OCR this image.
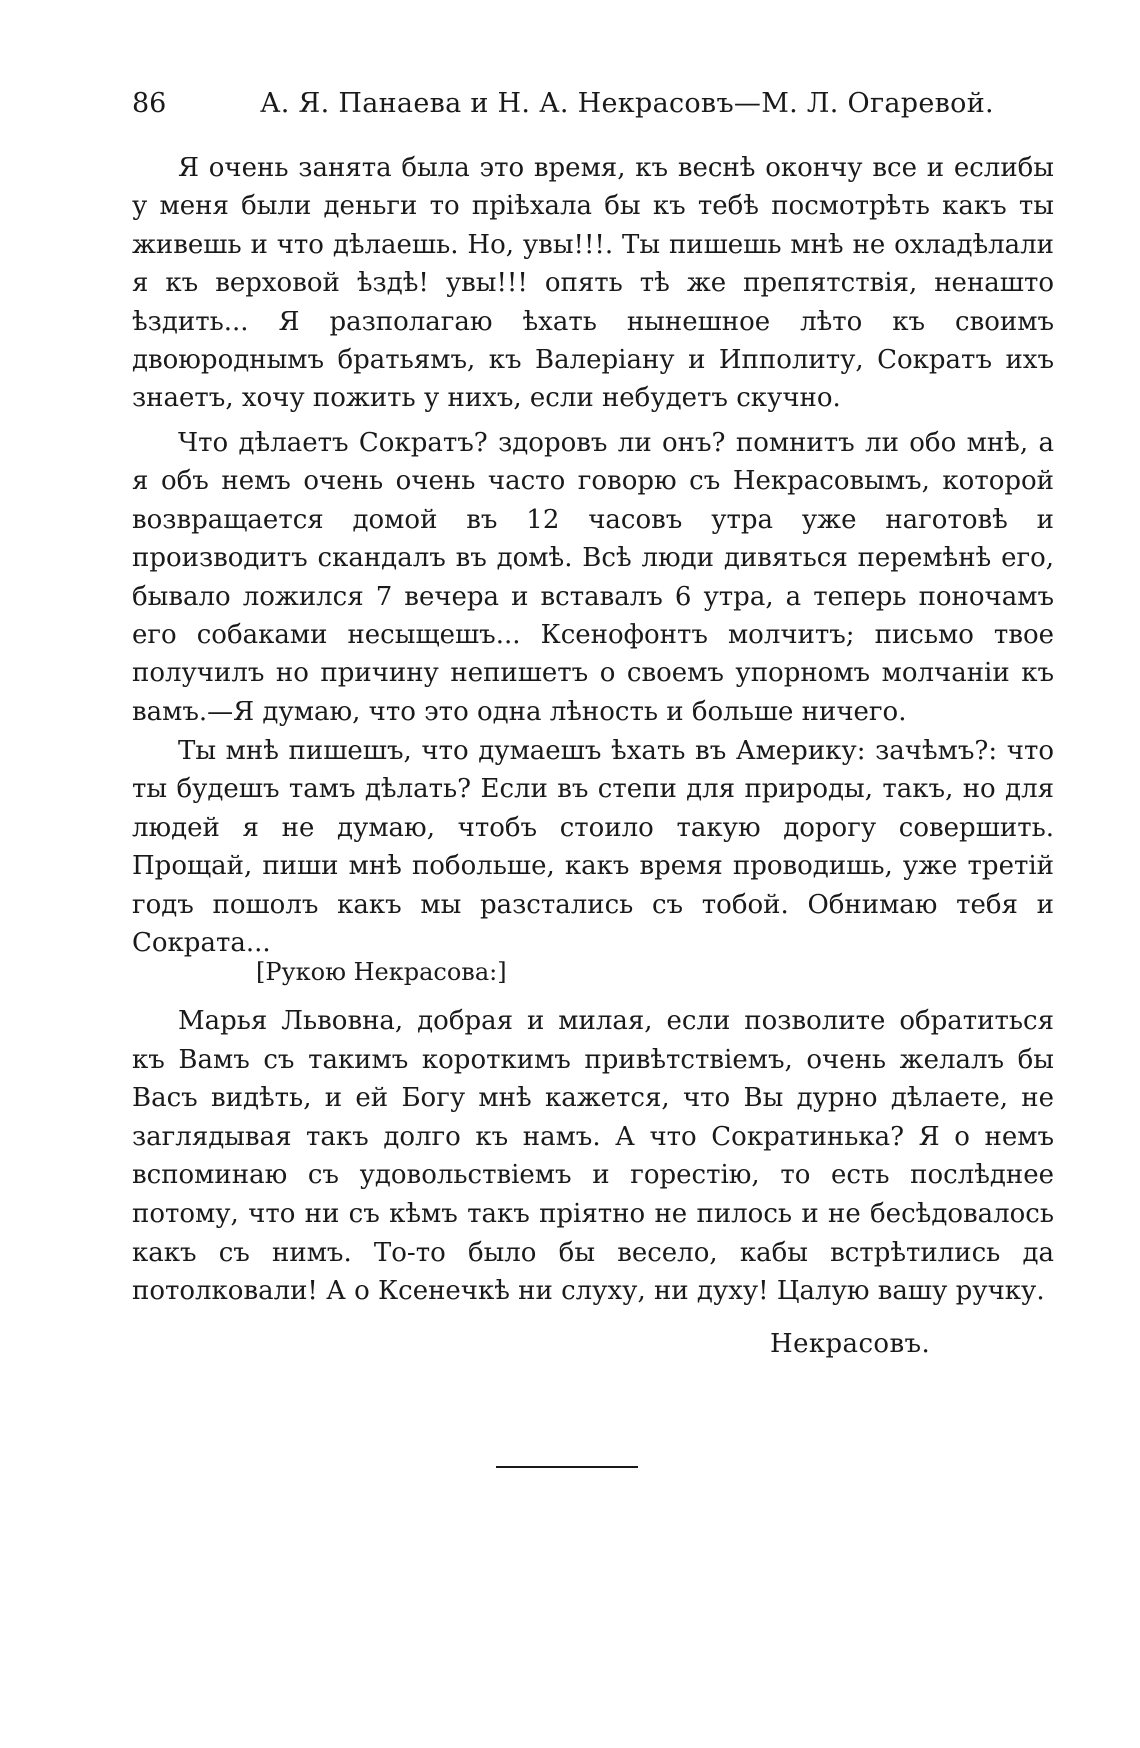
86	А. Я. Панаева и Н. А. Некрасовъ—М. Л. Огаревой.

Я очень занята была это время, къ веснѣ окончу все и еслибы у меня были деньги то прiѣхала бы къ тебѣ посмотрѣть какъ ты живешь и что дѣлаешь. Но, увы!!!. Ты пишешь мнѣ не охладѣлали я къ верховой ѣздѣ! увы!!! опять тѣ же препятствiя, ненашто ѣздить... Я разполагаю ѣхать нынешное лѣто къ своимъ двоюроднымъ братьямъ, къ Валерiану и Ипполиту, Сократъ ихъ знаетъ, хочу пожить у нихъ, если небудетъ скучно.

Что дѣлаетъ Сократъ? здоровъ ли онъ? помнитъ ли обо мнѣ, а я объ немъ очень очень часто говорю съ Некрасовымъ, которой возвращается домой въ 12 часовъ утра уже наготовѣ и производитъ скандалъ въ домѣ. Всѣ люди дивяться перемѣнѣ его, бывало ложился 7 вечера и вставалъ 6 утра, а теперь поночамъ его собаками несыщешъ... Ксенофонтъ молчитъ; письмо твое получилъ но причину непишетъ о своемъ упорномъ молчанiи къ вамъ.—Я думаю, что это одна лѣность и больше ничего.

Ты мнѣ пишешъ, что думаешъ ѣхать въ Америку: зачѣмъ?: что ты будешъ тамъ дѣлать? Если въ степи для природы, такъ, но для людей я не думаю, чтобъ стоило такую дорогу совершить. Прощай, пиши мнѣ побольше, какъ время проводишь, уже третiй годъ пошолъ какъ мы разстались съ тобой. Обнимаю тебя и Сократа...

[Рукою Некрасова:]

Марья Львовна, добрая и милая, если позволите обратиться къ Вамъ съ такимъ короткимъ привѣтствiемъ, очень желалъ бы Васъ видѣть, и ей Богу мнѣ кажется, что Вы дурно дѣлаете, не заглядывая такъ долго къ намъ. А что Сократинька? Я о немъ вспоминаю съ удовольствiемъ и горестiю, то есть послѣднее потому, что ни съ кѣмъ такъ прiятно не пилось и не бесѣдовалось какъ съ нимъ. То-то было бы весело, кабы встрѣтились да потолковали! А о Ксенечкѣ ни слуху, ни духу! Цалую вашу ручку.

Некрасовъ.
